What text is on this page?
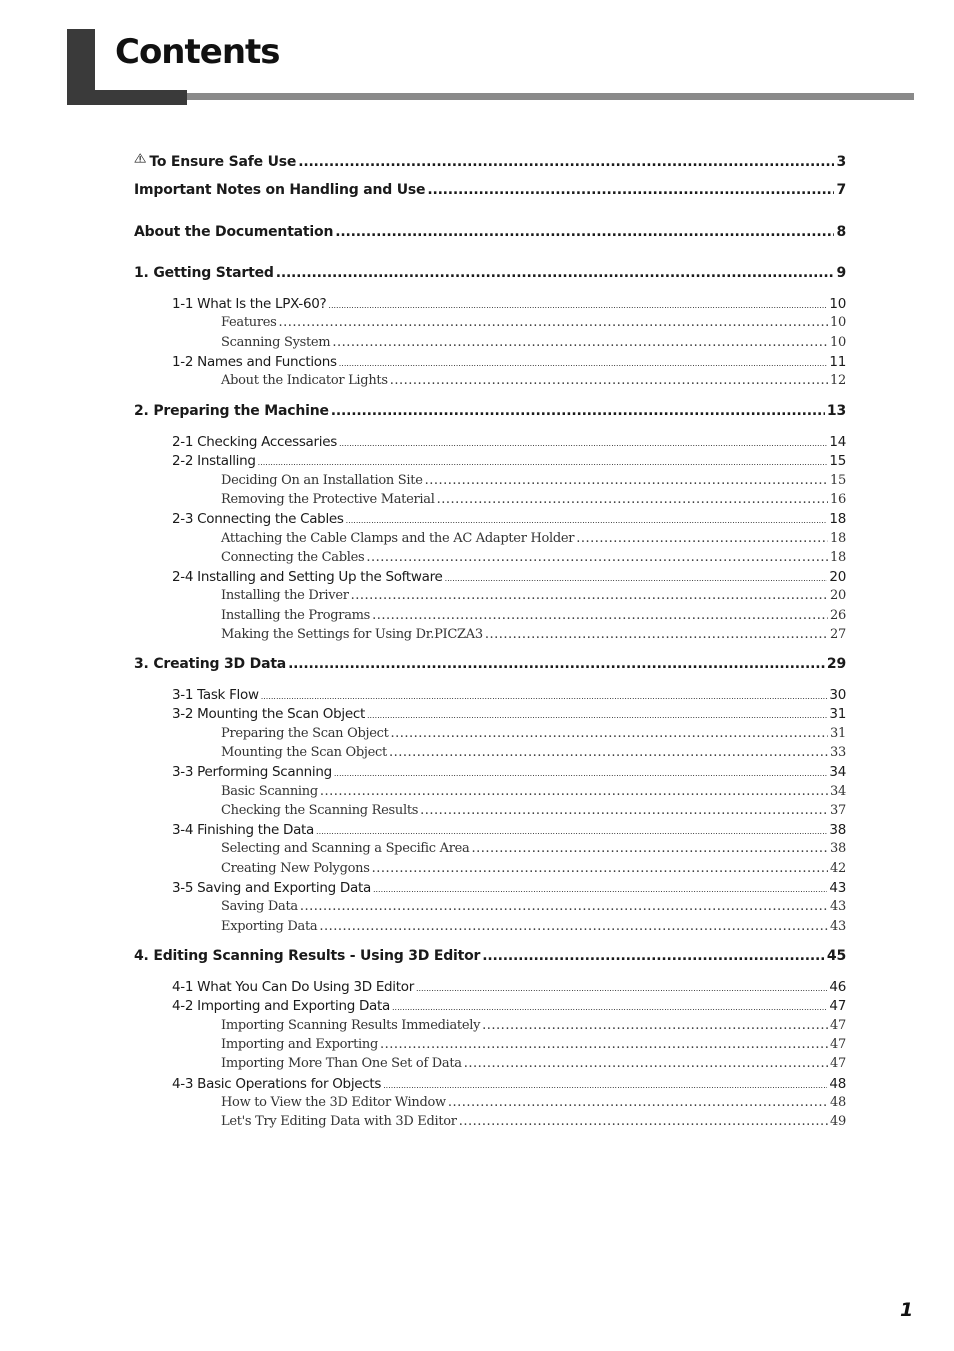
Contents
To Ensure Safe Use .....	3
Important Notes on Handling and Use .....	7
About the Documentation .....	8
1. Getting Started .....	9
1-1 What Is the LPX-60? .....	10
Features .....	10
Scanning System .....	10
1-2 Names and Functions .....	11
About the Indicator Lights .....	12
2. Preparing the Machine .....	13
2-1 Checking Accessaries .....	14
2-2 Installing .....	15
Deciding On an Installation Site .....	15
Removing the Protective Material .....	16
2-3 Connecting the Cables .....	18
Attaching the Cable Clamps and the AC Adapter Holder .....	18
Connecting the Cables .....	18
2-4 Installing and Setting Up the Software .....	20
Installing the Driver .....	20
Installing the Programs .....	26
Making the Settings for Using Dr.PICZA3 .....	27
3. Creating 3D Data .....	29
3-1 Task Flow .....	30
3-2 Mounting the Scan Object .....	31
Preparing the Scan Object .....	31
Mounting the Scan Object .....	33
3-3 Performing Scanning .....	34
Basic Scanning .....	34
Checking the Scanning Results .....	37
3-4 Finishing the Data .....	38
Selecting and Scanning a Specific Area .....	38
Creating New Polygons .....	42
3-5 Saving and Exporting Data .....	43
Saving Data .....	43
Exporting Data .....	43
4. Editing Scanning Results - Using 3D Editor .....	45
4-1 What You Can Do Using 3D Editor .....	46
4-2 Importing and Exporting Data .....	47
Importing Scanning Results Immediately .....	47
Importing and Exporting .....	47
Importing More Than One Set of Data .....	47
4-3 Basic Operations for Objects .....	48
How to View the 3D Editor Window .....	48
Let's Try Editing Data with 3D Editor .....	49
1
